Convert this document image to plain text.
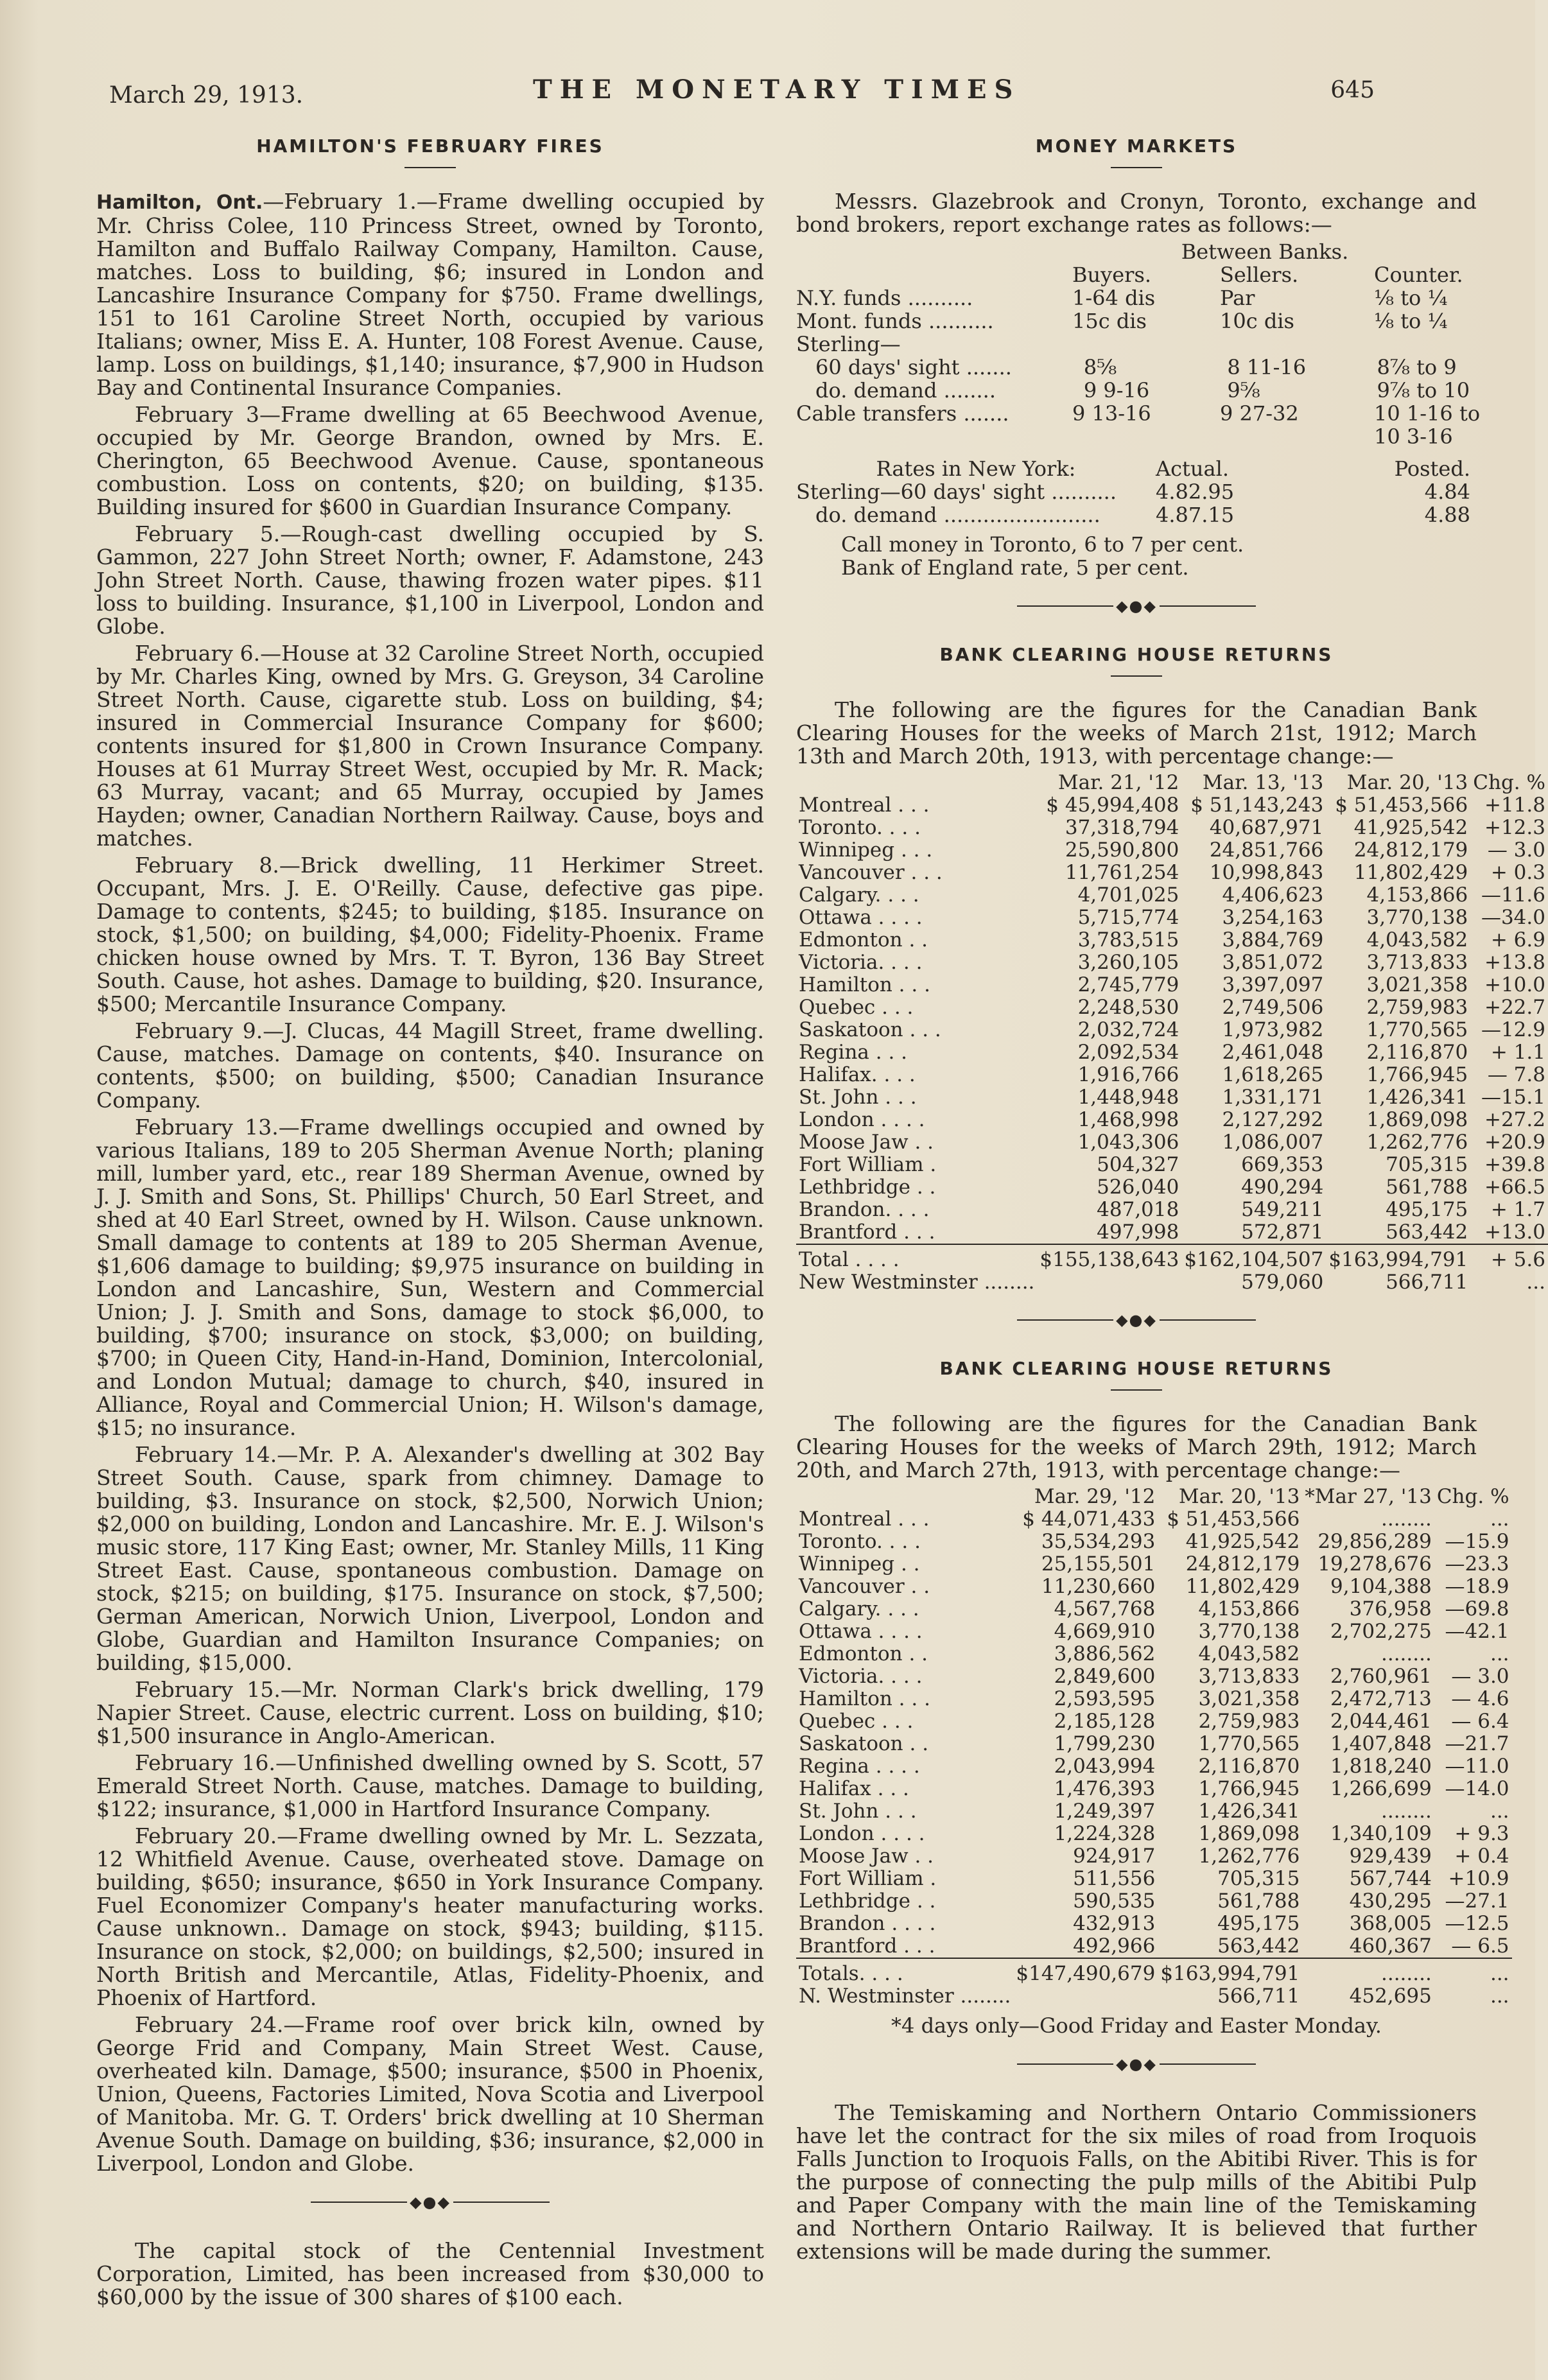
March 29, 1913.	THE MONETARY TIMES	645
HAMILTON'S FEBRUARY FIRES

Hamilton, Ont.—February 1.—Frame dwelling occupied by Mr. Chriss Colee, 110 Princess Street, owned by Toronto, Hamilton and Buffalo Railway Company, Hamilton. Cause, matches. Loss to building, $6; insured in London and Lancashire Insurance Company for $750. Frame dwellings, 151 to 161 Caroline Street North, occupied by various Italians; owner, Miss E. A. Hunter, 108 Forest Avenue. Cause, lamp. Loss on buildings, $1,140; insurance, $7,900 in Hudson Bay and Continental Insurance Companies.

February 3—Frame dwelling at 65 Beechwood Avenue, occupied by Mr. George Brandon, owned by Mrs. E. Cherington, 65 Beechwood Avenue. Cause, spontaneous combustion. Loss on contents, $20; on building, $135. Building insured for $600 in Guardian Insurance Company.

February 5.—Rough-cast dwelling occupied by S. Gammon, 227 John Street North; owner, F. Adamstone, 243 John Street North. Cause, thawing frozen water pipes. $11 loss to building. Insurance, $1,100 in Liverpool, London and Globe.

February 6.—House at 32 Caroline Street North, occupied by Mr. Charles King, owned by Mrs. G. Greyson, 34 Caroline Street North. Cause, cigarette stub. Loss on building, $4; insured in Commercial Insurance Company for $600; contents insured for $1,800 in Crown Insurance Company. Houses at 61 Murray Street West, occupied by Mr. R. Mack; 63 Murray, vacant; and 65 Murray, occupied by James Hayden; owner, Canadian Northern Railway. Cause, boys and matches.

February 8.—Brick dwelling, 11 Herkimer Street. Occupant, Mrs. J. E. O'Reilly. Cause, defective gas pipe. Damage to contents, $245; to building, $185. Insurance on stock, $1,500; on building, $4,000; Fidelity-Phoenix. Frame chicken house owned by Mrs. T. T. Byron, 136 Bay Street South. Cause, hot ashes. Damage to building, $20. Insurance, $500; Mercantile Insurance Company.

February 9.—J. Clucas, 44 Magill Street, frame dwelling. Cause, matches. Damage on contents, $40. Insurance on contents, $500; on building, $500; Canadian Insurance Company.

February 13.—Frame dwellings occupied and owned by various Italians, 189 to 205 Sherman Avenue North; planing mill, lumber yard, etc., rear 189 Sherman Avenue, owned by J. J. Smith and Sons, St. Phillips' Church, 50 Earl Street, and shed at 40 Earl Street, owned by H. Wilson. Cause unknown. Small damage to contents at 189 to 205 Sherman Avenue, $1,606 damage to building; $9,975 insurance on building in London and Lancashire, Sun, Western and Commercial Union; J. J. Smith and Sons, damage to stock $6,000, to building, $700; insurance on stock, $3,000; on building, $700; in Queen City, Hand-in-Hand, Dominion, Intercolonial, and London Mutual; damage to church, $40, insured in Alliance, Royal and Commercial Union; H. Wilson's damage, $15; no insurance.

February 14.—Mr. P. A. Alexander's dwelling at 302 Bay Street South. Cause, spark from chimney. Damage to building, $3. Insurance on stock, $2,500, Norwich Union; $2,000 on building, London and Lancashire. Mr. E. J. Wilson's music store, 117 King East; owner, Mr. Stanley Mills, 11 King Street East. Cause, spontaneous combustion. Damage on stock, $215; on building, $175. Insurance on stock, $7,500; German American, Norwich Union, Liverpool, London and Globe, Guardian and Hamilton Insurance Companies; on building, $15,000.

February 15.—Mr. Norman Clark's brick dwelling, 179 Napier Street. Cause, electric current. Loss on building, $10; $1,500 insurance in Anglo-American.

February 16.—Unfinished dwelling owned by S. Scott, 57 Emerald Street North. Cause, matches. Damage to building, $122; insurance, $1,000 in Hartford Insurance Company.

February 20.—Frame dwelling owned by Mr. L. Sezzata, 12 Whitfield Avenue. Cause, overheated stove. Damage on building, $650; insurance, $650 in York Insurance Company. Fuel Economizer Company's heater manufacturing works. Cause unknown.. Damage on stock, $943; building, $115. Insurance on stock, $2,000; on buildings, $2,500; insured in North British and Mercantile, Atlas, Fidelity-Phoenix, and Phoenix of Hartford.

February 24.—Frame roof over brick kiln, owned by George Frid and Company, Main Street West. Cause, overheated kiln. Damage, $500; insurance, $500 in Phoenix, Union, Queens, Factories Limited, Nova Scotia and Liverpool of Manitoba. Mr. G. T. Orders' brick dwelling at 10 Sherman Avenue South. Damage on building, $36; insurance, $2,000 in Liverpool, London and Globe.

◆●◆

The capital stock of the Centennial Investment Corporation, Limited, has been increased from $30,000 to $60,000 by the issue of 300 shares of $100 each.

MONEY MARKETS

Messrs. Glazebrook and Cronyn, Toronto, exchange and bond brokers, report exchange rates as follows:—

Between Banks.
Buyers.	Sellers.	Counter.
N.Y. funds ..........	1-64 dis	Par	⅛ to ¼
Mont. funds ..........	15c dis	10c dis	⅛ to ¼
Sterling—
60 days' sight .......	8⅝	8 11-16	8⅞ to 9
do. demand ........	9 9-16	9⅝	9⅞ to 10
Cable transfers .......	9 13-16	9 27-32	10 1-16 to
10 3-16
Rates in New York:	Actual.	Posted.
Sterling—60 days' sight ..........	4.82.95	4.84
do. demand ........................	4.87.15	4.88
Call money in Toronto, 6 to 7 per cent.
Bank of England rate, 5 per cent.
◆●◆
BANK CLEARING HOUSE RETURNS

The following are the figures for the Canadian Bank Clearing Houses for the weeks of March 21st, 1912; March 13th and March 20th, 1913, with percentage change:—

	Mar. 21, '12	Mar. 13, '13	Mar. 20, '13	Chg. %
Montreal . . .	$ 45,994,408	$ 51,143,243	$ 51,453,566	+11.8
Toronto. . . .	37,318,794	40,687,971	41,925,542	+12.3
Winnipeg . . .	25,590,800	24,851,766	24,812,179	— 3.0
Vancouver . . .	11,761,254	10,998,843	11,802,429	+ 0.3
Calgary. . . .	4,701,025	4,406,623	4,153,866	—11.6
Ottawa . . . .	5,715,774	3,254,163	3,770,138	—34.0
Edmonton . .	3,783,515	3,884,769	4,043,582	+ 6.9
Victoria. . . .	3,260,105	3,851,072	3,713,833	+13.8
Hamilton . . .	2,745,779	3,397,097	3,021,358	+10.0
Quebec . . .	2,248,530	2,749,506	2,759,983	+22.7
Saskatoon . . .	2,032,724	1,973,982	1,770,565	—12.9
Regina . . .	2,092,534	2,461,048	2,116,870	+ 1.1
Halifax. . . .	1,916,766	1,618,265	1,766,945	— 7.8
St. John . . .	1,448,948	1,331,171	1,426,341	—15.1
London . . . .	1,468,998	2,127,292	1,869,098	+27.2
Moose Jaw . .	1,043,306	1,086,007	1,262,776	+20.9
Fort William .	504,327	669,353	705,315	+39.8
Lethbridge . .	526,040	490,294	561,788	+66.5
Brandon. . . .	487,018	549,211	495,175	+ 1.7
Brantford . . .	497,998	572,871	563,442	+13.0
Total . . . .	$155,138,643	$162,104,507	$163,994,791	+ 5.6
New Westminster ........		579,060	566,711	...
◆●◆
BANK CLEARING HOUSE RETURNS

The following are the figures for the Canadian Bank Clearing Houses for the weeks of March 29th, 1912; March 20th, and March 27th, 1913, with percentage change:—

	Mar. 29, '12	Mar. 20, '13	*Mar 27, '13	Chg. %
Montreal . . .	$ 44,071,433	$ 51,453,566	........	...
Toronto. . . .	35,534,293	41,925,542	29,856,289	—15.9
Winnipeg . .	25,155,501	24,812,179	19,278,676	—23.3
Vancouver . .	11,230,660	11,802,429	9,104,388	—18.9
Calgary. . . .	4,567,768	4,153,866	376,958	—69.8
Ottawa . . . .	4,669,910	3,770,138	2,702,275	—42.1
Edmonton . .	3,886,562	4,043,582	........	...
Victoria. . . .	2,849,600	3,713,833	2,760,961	— 3.0
Hamilton . . .	2,593,595	3,021,358	2,472,713	— 4.6
Quebec . . .	2,185,128	2,759,983	2,044,461	— 6.4
Saskatoon . .	1,799,230	1,770,565	1,407,848	—21.7
Regina . . . .	2,043,994	2,116,870	1,818,240	—11.0
Halifax . . .	1,476,393	1,766,945	1,266,699	—14.0
St. John . . .	1,249,397	1,426,341	........	...
London . . . .	1,224,328	1,869,098	1,340,109	+ 9.3
Moose Jaw . .	924,917	1,262,776	929,439	+ 0.4
Fort William .	511,556	705,315	567,744	+10.9
Lethbridge . .	590,535	561,788	430,295	—27.1
Brandon . . . .	432,913	495,175	368,005	—12.5
Brantford . . .	492,966	563,442	460,367	— 6.5
Totals. . . .	$147,490,679	$163,994,791	........	...
N. Westminster ........		566,711	452,695	...
*4 days only—Good Friday and Easter Monday.
◆●◆

The Temiskaming and Northern Ontario Commissioners have let the contract for the six miles of road from Iroquois Falls Junction to Iroquois Falls, on the Abitibi River. This is for the purpose of connecting the pulp mills of the Abitibi Pulp and Paper Company with the main line of the Temiskaming and Northern Ontario Railway. It is believed that further extensions will be made during the summer.
